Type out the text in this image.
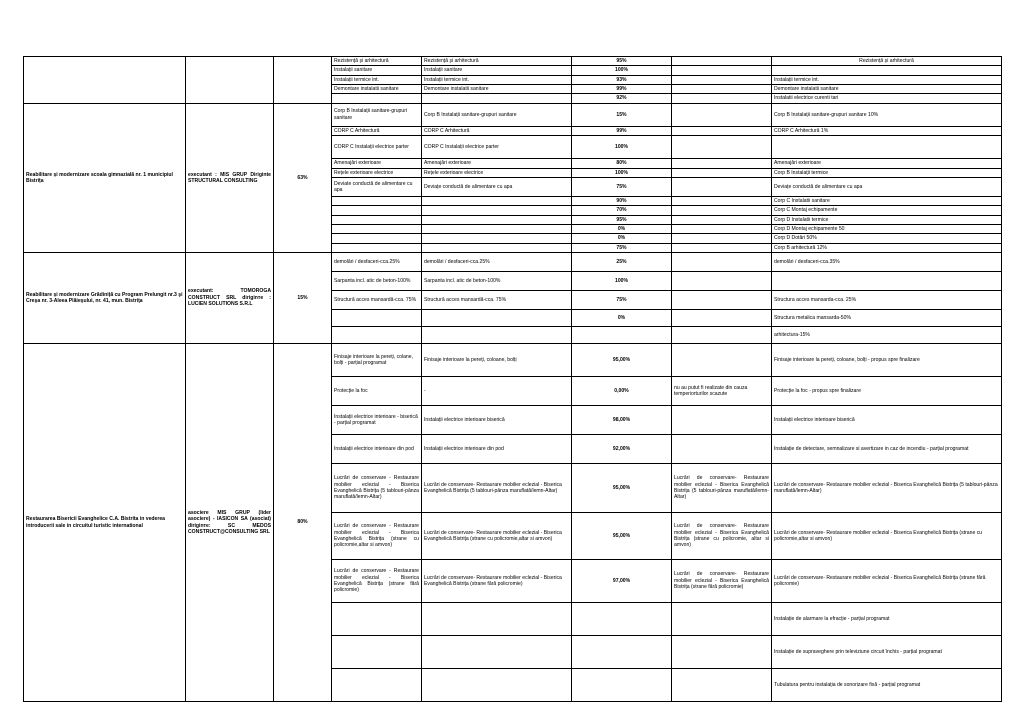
			Rezistență și arhitectură	Rezistență și arhitectură	95%		Rezistență și arhitectură
			Instalații sanitare	Instalații sanitare	100%		
			Instalații termice int.	Instalații termice int.	93%		Instalații termice int.
			Demontare instalatii sanitare	Demontare instalatii sanitare	99%		Demontare instalatii sanitare
					92%		Instalatii electrice curenti tari
Reabilitare și modernizare scoala gimnazială nr. 1 municipiul Bistrița	executant : MIS GRUP Diriginte STRUCTURAL CONSULTING	63%	Corp B Instalații sanitare-grupuri sanitare	Corp B Instalații sanitare-grupuri sanitare	15%		Corp B Instalații sanitare-grupuri sanitare 10%
			CORP C Arhitectură	CORP C Arhitectură	99%		CORP C Arhitectură 1%
			CORP C Instalații electrice parter	CORP C Instalații electrice parter	100%		
			Amenajări exterioare	Amenajări exterioare	80%		Amenajări exterioare
			Rețele exterioare electrice	Rețele exterioare electrice	100%		Corp B Instalații termice
			Deviate conductă de alimentare cu apa	Deviațe conductă de alimentare cu apa	75%		Deviațe conductă de alimentare cu apa
					90%		Corp C Instalatii sanitare
					70%		Corp C Montaj echipamente
					95%		Corp D Instalatii termice
					0%		Corp D Montaj echipamente 50
					0%		Corp D Dotări 50%
					75%		Corp B arhitectură 12%
Reabilitare și modernizare Grădiniță cu Program Prelungit nr.3 şi Creşa nr. 3-Aleea Plăieşului, nr. 41, mun. Bistriţa	executant: TOMOROGA CONSTRUCT SRL diriginте : LUCIEN SOLUTIONS S.R.L	15%	demolări / desfaceri-cca.25%	demolări / desfaceri-cca.25%	25%		demolări / desfaceri-cca.35%
			Sarpanta incl. atic de beton-100%	Sarpanta incl. atic de beton-100%	100%		
			Structură acces mansardă-cca. 75%	Structură acces mansardă-cca. 75%	75%		Structura acces mansarda-cca. 25%
					0%		Structura metalica mansarda-50%
							arhitectura-15%
Restaurarea Bisericii Evanghelice C.A. Bistrita in vederea introducerii sale in circuitul turistic international	asociere MIS GRUP (lider asociere) - IASICON SA (asociat) diriginте: SC MEDOS CONSTRUCT@CONSULTING SRL	80%	Finisaje interioare la pereți, colane, bolți - parțial programat	Finisaje interioare la pereți, coloane, bolți	95,00%		Finisaje interioare la pereți, coloane, bolți - propus spre finalizare
			Protecție la foc	-	0,00%	nu au putut fi realizate din cauza temperiorturilor scazute	Protecție la foc - propus spre finalizare
			Instalații electrice interioare - biserică - parțial programat	Instalații electrice interioare biserică	98,00%		Instalații electrice interioare biserică
			Instalații electrice interioare din pod	Instalații electrice interioare din pod	92,00%		Instalație de detectare, semnalizare si avertizare in caz de incendiu - parțial programat
			Lucrări de conservare - Restaurare mobilier eclezial - Biserica Evanghelică Bistrița (5 tablouri-pânza maruflată/lemn-Altar)	Lucrări de conservare- Restaurare mobilier eclezial - Biserica Evanghelică Bistrița (5 tablouri-pânza maruflată/lemn-Altar)	95,00%	Lucrări de conservare- Restaurare mobilier eclezial - Biserica Evanghelică Bistrița (5 tablouri-pânza maruflată/lemn-Altar)	Lucrări de conservare- Restaurare mobilier eclezial - Biserica Evanghelică Bistrița (5 tablouri-pânza maruflată/lemn-Altar)
			Lucrări de conservare - Restaurare mobilier eclezial - Biserica Evanghelică Bistrița (strane cu policromie,altar si amvon)	Lucrări de conservare- Restaurare mobilier eclezial - Biserica Evanghelică Bistrița (strane cu policromie,altar si amvon)	95,00%	Lucrări de conservare- Restaurare mobilier eclezial - Biserica Evanghelică Bistrița (strane cu policromie, altar si amvon)	Lucrări de conservare- Restaurare mobilier eclezial - Biserica Evanghelică Bistrița (strane cu policromie,altar si amvon)
			Lucrări de conservare - Restaurare mobilier eclezial - Biserica Evanghelică Bistrița (strane fără policromie)	Lucrări de conservare- Restaurare mobilier eclezial - Biserica Evanghelică Bistrița (strane fără policromie)	97,00%	Lucrări de conservare- Restaurare mobilier eclezial - Biserica Evanghelică Bistrița (strane fără policromie)	Lucrări de conservare- Restaurare mobilier eclezial - Biserica Evanghelică Bistrița (strane fără policromie)
							Instalație de alarmare la efracție - parțial programat
							Instalație de supraveghere prin televiziune circuit închis - parțial programat
							Tubulatura pentru instalația de sonorizare fixă - parțial programat
